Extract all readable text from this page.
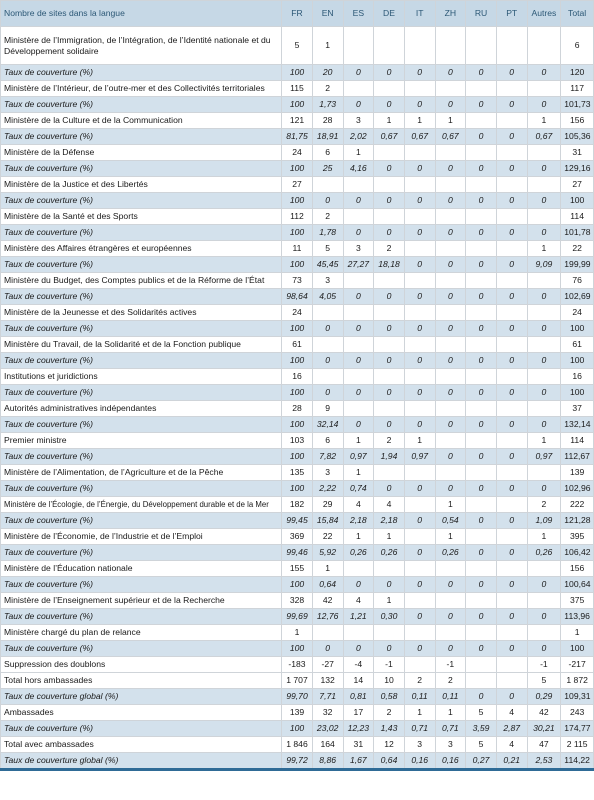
Nombre de sites dans la langue	FR	EN	ES	DE	IT	ZH	RU	PT	Autres	Total
Ministère de l’Immigration, de l’Intégration, de l’Identité nationale et du Développement solidaire	5	1								6
Taux de couverture (%)	100	20	0	0	0	0	0	0	0	120
Ministère de l’Intérieur, de l’outre-mer et des Collectivités territoriales	115	2								117
Taux de couverture (%)	100	1,73	0	0	0	0	0	0	0	101,73
Ministère de la Culture et de la Communication	121	28	3	1	1	1			1	156
Taux de couverture (%)	81,75	18,91	2,02	0,67	0,67	0,67	0	0	0,67	105,36
Ministère de la Défense	24	6	1							31
Taux de couverture (%)	100	25	4,16	0	0	0	0	0	0	129,16
Ministère de la Justice et des Libertés	27									27
Taux de couverture (%)	100	0	0	0	0	0	0	0	0	100
Ministère de la Santé et des Sports	112	2								114
Taux de couverture (%)	100	1,78	0	0	0	0	0	0	0	101,78
Ministère des Affaires étrangères et européennes	11	5	3	2					1	22
Taux de couverture (%)	100	45,45	27,27	18,18	0	0	0	0	9,09	199,99
Ministère du Budget, des Comptes publics et de la Réforme de l’État	73	3								76
Taux de couverture (%)	98,64	4,05	0	0	0	0	0	0	0	102,69
Ministère de la Jeunesse et des Solidarités actives	24									24
Taux de couverture (%)	100	0	0	0	0	0	0	0	0	100
Ministère du Travail, de la Solidarité et de la Fonction publique	61									61
Taux de couverture (%)	100	0	0	0	0	0	0	0	0	100
Institutions et juridictions	16									16
Taux de couverture (%)	100	0	0	0	0	0	0	0	0	100
Autorités administratives indépendantes	28	9								37
Taux de couverture (%)	100	32,14	0	0	0	0	0	0	0	132,14
Premier ministre	103	6	1	2	1				1	114
Taux de couverture (%)	100	7,82	0,97	1,94	0,97	0	0	0	0,97	112,67
Ministère de l’Alimentation, de l’Agriculture et de la Pêche	135	3	1							139
Taux de couverture (%)	100	2,22	0,74	0	0	0	0	0	0	102,96
Ministère de l’Écologie, de l’Énergie, du Développement durable et de la Mer	182	29	4	4		1			2	222
Taux de couverture (%)	99,45	15,84	2,18	2,18	0	0,54	0	0	1,09	121,28
Ministère de l’Économie, de l’Industrie et de l’Emploi	369	22	1	1		1			1	395
Taux de couverture (%)	99,46	5,92	0,26	0,26	0	0,26	0	0	0,26	106,42
Ministère de l’Éducation nationale	155	1								156
Taux de couverture (%)	100	0,64	0	0	0	0	0	0	0	100,64
Ministère de l’Enseignement supérieur et de la Recherche	328	42	4	1						375
Taux de couverture (%)	99,69	12,76	1,21	0,30	0	0	0	0	0	113,96
Ministère chargé du plan de relance	1									1
Taux de couverture (%)	100	0	0	0	0	0	0	0	0	100
Suppression des doublons	-183	-27	-4	-1		-1			-1	-217
Total hors ambassades	1 707	132	14	10	2	2			5	1 872
Taux de couverture global (%)	99,70	7,71	0,81	0,58	0,11	0,11	0	0	0,29	109,31
Ambassades	139	32	17	2	1	1	5	4	42	243
Taux de couverture (%)	100	23,02	12,23	1,43	0,71	0,71	3,59	2,87	30,21	174,77
Total avec ambassades	1 846	164	31	12	3	3	5	4	47	2 115
Taux de couverture global (%)	99,72	8,86	1,67	0,64	0,16	0,16	0,27	0,21	2,53	114,22
